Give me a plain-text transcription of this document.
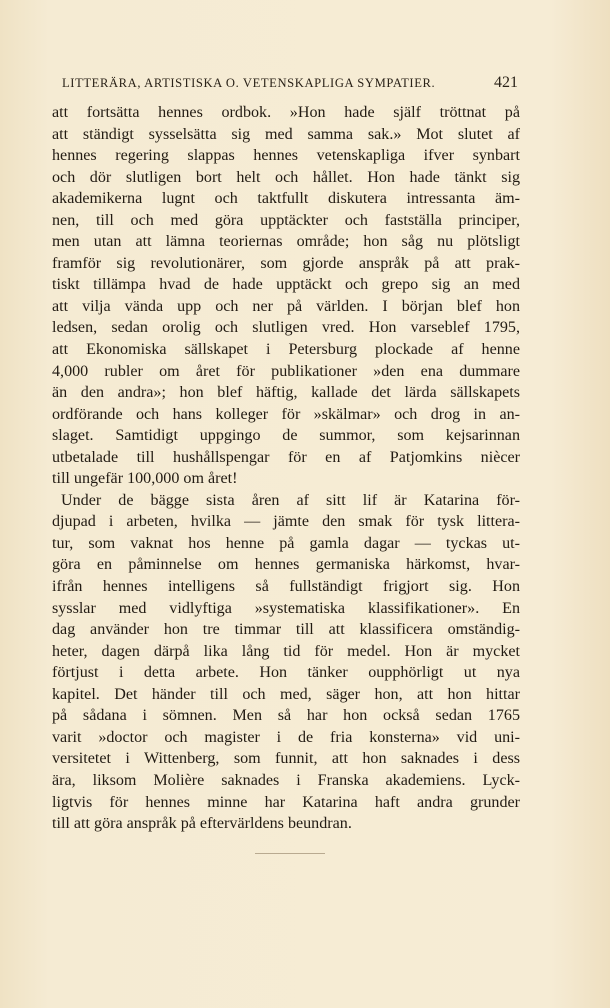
LITTERÄRA, ARTISTISKA O. VETENSKAPLIGA SYMPATIER.	421
att fortsätta hennes ordbok. »Hon hade själf tröttnat på
att ständigt sysselsätta sig med samma sak.» Mot slutet af
hennes regering slappas hennes vetenskapliga ifver synbart
och dör slutligen bort helt och hållet. Hon hade tänkt sig
akademikerna lugnt och taktfullt diskutera intressanta äm-
nen, till och med göra upptäckter och fastställa principer,
men utan att lämna teoriernas område; hon såg nu plötsligt
framför sig revolutionärer, som gjorde anspråk på att prak-
tiskt tillämpa hvad de hade upptäckt och grepo sig an med
att vilja vända upp och ner på världen. I början blef hon
ledsen, sedan orolig och slutligen vred. Hon varseblef 1795,
att Ekonomiska sällskapet i Petersburg plockade af henne
4,000 rubler om året för publikationer »den ena dummare
än den andra»; hon blef häftig, kallade det lärda sällskapets
ordförande och hans kolleger för »skälmar» och drog in an-
slaget. Samtidigt uppgingo de summor, som kejsarinnan
utbetalade till hushållspengar för en af Patjomkins niècer
till ungefär 100,000 om året!
Under de bägge sista åren af sitt lif är Katarina för-
djupad i arbeten, hvilka — jämte den smak för tysk littera-
tur, som vaknat hos henne på gamla dagar — tyckas ut-
göra en påminnelse om hennes germaniska härkomst, hvar-
ifrån hennes intelligens så fullständigt frigjort sig. Hon
sysslar med vidlyftiga »systematiska klassifikationer». En
dag använder hon tre timmar till att klassificera omständig-
heter, dagen därpå lika lång tid för medel. Hon är mycket
förtjust i detta arbete. Hon tänker oupphörligt ut nya
kapitel. Det händer till och med, säger hon, att hon hittar
på sådana i sömnen. Men så har hon också sedan 1765
varit »doctor och magister i de fria konsterna» vid uni-
versitetet i Wittenberg, som funnit, att hon saknades i dess
ära, liksom Molière saknades i Franska akademiens. Lyck-
ligtvis för hennes minne har Katarina haft andra grunder
till att göra anspråk på eftervärldens beundran.
